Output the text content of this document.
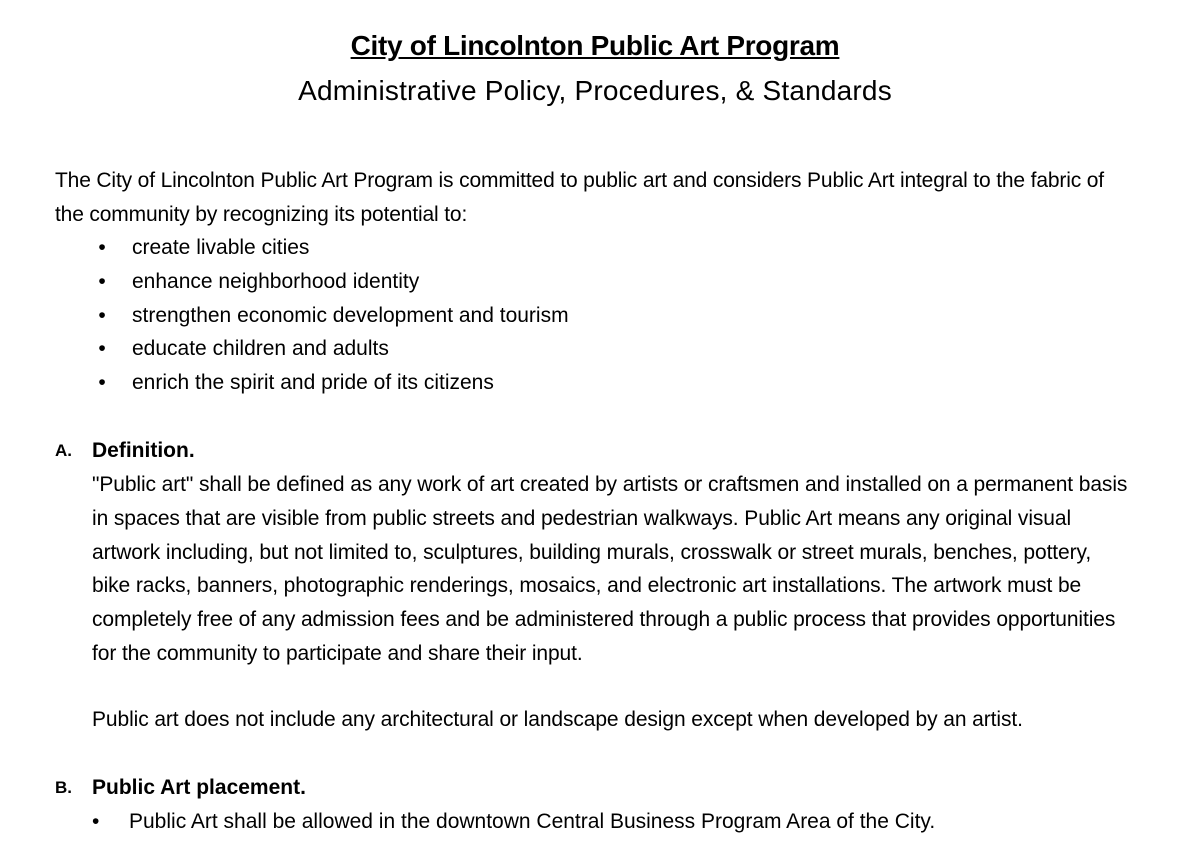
City of Lincolnton Public Art Program
Administrative Policy, Procedures, & Standards
The City of Lincolnton Public Art Program is committed to public art and considers Public Art integral to the fabric of the community by recognizing its potential to:
• create livable cities
• enhance neighborhood identity
• strengthen economic development and tourism
• educate children and adults
• enrich the spirit and pride of its citizens
A. Definition.
"Public art" shall be defined as any work of art created by artists or craftsmen and installed on a permanent basis in spaces that are visible from public streets and pedestrian walkways. Public Art means any original visual artwork including, but not limited to, sculptures, building murals, crosswalk or street murals, benches, pottery, bike racks, banners, photographic renderings, mosaics, and electronic art installations. The artwork must be completely free of any admission fees and be administered through a public process that provides opportunities for the community to participate and share their input.
Public art does not include any architectural or landscape design except when developed by an artist.
B. Public Art placement.
• Public Art shall be allowed in the downtown Central Business Program Area of the City.
